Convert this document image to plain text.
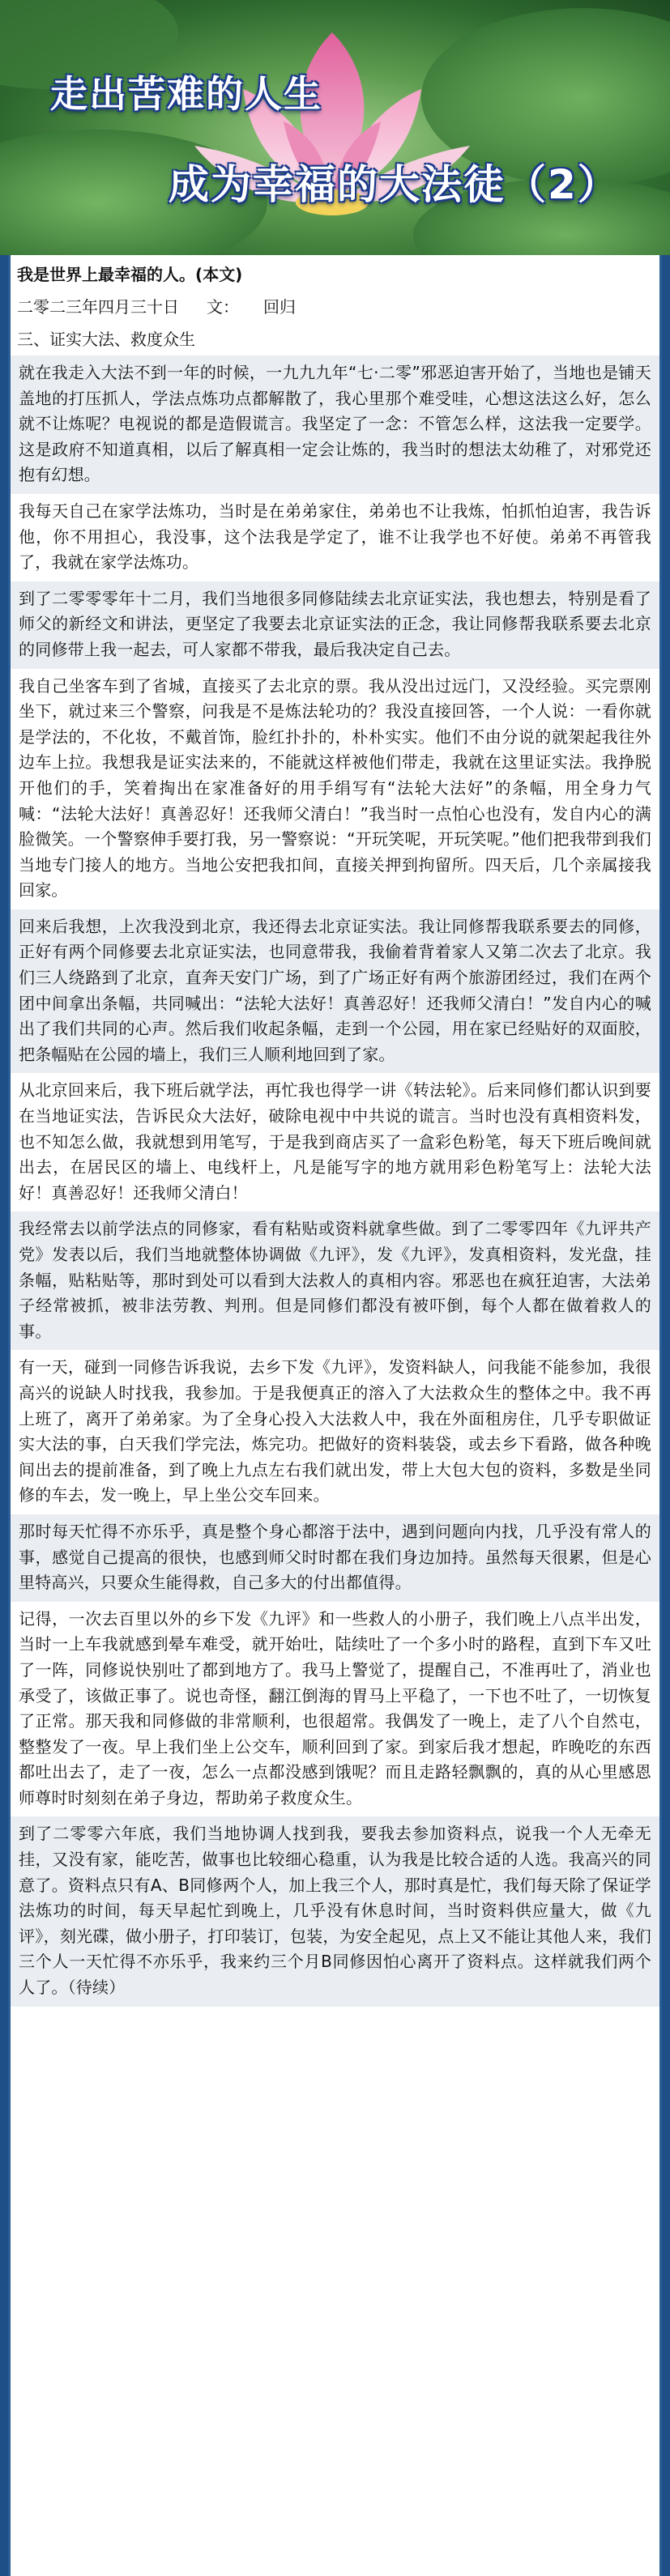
走出苦难的人生
成为幸福的大法徒（2）
我是世界上最幸福的人。(本文)
二零二三年四月三十日 文： 回归
三、证实大法、救度众生

就在我走入大法不到一年的时候，一九九九年“七·二零”邪恶迫害开始了，当地也是铺天盖地的打压抓人，学法点炼功点都解散了，我心里那个难受哇，心想这法这么好，怎么就不让炼呢？电视说的都是造假谎言。我坚定了一念：不管怎么样，这法我一定要学。这是政府不知道真相，以后了解真相一定会让炼的，我当时的想法太幼稚了，对邪党还抱有幻想。

我每天自己在家学法炼功，当时是在弟弟家住，弟弟也不让我炼，怕抓怕迫害，我告诉他，你不用担心，我没事，这个法我是学定了，谁不让我学也不好使。弟弟不再管我了，我就在家学法炼功。

到了二零零零年十二月，我们当地很多同修陆续去北京证实法，我也想去，特别是看了师父的新经文和讲法，更坚定了我要去北京证实法的正念，我让同修帮我联系要去北京的同修带上我一起去，可人家都不带我，最后我决定自己去。

我自己坐客车到了省城，直接买了去北京的票。我从没出过远门，又没经验。买完票刚坐下，就过来三个警察，问我是不是炼法轮功的？我没直接回答，一个人说：一看你就是学法的，不化妆，不戴首饰，脸红扑扑的，朴朴实实。他们不由分说的就架起我往外边车上拉。我想我是证实法来的，不能就这样被他们带走，我就在这里证实法。我挣脱开他们的手，笑着掏出在家准备好的用手绢写有“法轮大法好”的条幅，用全身力气喊：“法轮大法好！真善忍好！还我师父清白！”我当时一点怕心也没有，发自内心的满脸微笑。一个警察伸手要打我，另一警察说：“开玩笑呢，开玩笑呢。”他们把我带到我们当地专门接人的地方。当地公安把我扣间，直接关押到拘留所。四天后，几个亲属接我回家。

回来后我想，上次我没到北京，我还得去北京证实法。我让同修帮我联系要去的同修，正好有两个同修要去北京证实法，也同意带我，我偷着背着家人又第二次去了北京。我们三人绕路到了北京，直奔天安门广场，到了广场正好有两个旅游团经过，我们在两个团中间拿出条幅，共同喊出：“法轮大法好！真善忍好！还我师父清白！”发自内心的喊出了我们共同的心声。然后我们收起条幅，走到一个公园，用在家已经贴好的双面胶，把条幅贴在公园的墙上，我们三人顺利地回到了家。

从北京回来后，我下班后就学法，再忙我也得学一讲《转法轮》。后来同修们都认识到要在当地证实法，告诉民众大法好，破除电视中中共说的谎言。当时也没有真相资料发，也不知怎么做，我就想到用笔写，于是我到商店买了一盒彩色粉笔，每天下班后晚间就出去，在居民区的墙上、电线杆上，凡是能写字的地方就用彩色粉笔写上：法轮大法好！真善忍好！还我师父清白！

我经常去以前学法点的同修家，看有粘贴或资料就拿些做。到了二零零四年《九评共产党》发表以后，我们当地就整体协调做《九评》，发《九评》，发真相资料，发光盘，挂条幅，贴粘贴等，那时到处可以看到大法救人的真相内容。邪恶也在疯狂迫害，大法弟子经常被抓，被非法劳教、判刑。但是同修们都没有被吓倒，每个人都在做着救人的事。

有一天，碰到一同修告诉我说，去乡下发《九评》，发资料缺人，问我能不能参加，我很高兴的说缺人时找我，我参加。于是我便真正的溶入了大法救众生的整体之中。我不再上班了，离开了弟弟家。为了全身心投入大法救人中，我在外面租房住，几乎专职做证实大法的事，白天我们学完法，炼完功。把做好的资料装袋，或去乡下看路，做各种晚间出去的提前准备，到了晚上九点左右我们就出发，带上大包大包的资料，多数是坐同修的车去，发一晚上，早上坐公交车回来。

那时每天忙得不亦乐乎，真是整个身心都溶于法中，遇到问题向内找，几乎没有常人的事，感觉自己提高的很快，也感到师父时时都在我们身边加持。虽然每天很累，但是心里特高兴，只要众生能得救，自己多大的付出都值得。

记得，一次去百里以外的乡下发《九评》和一些救人的小册子，我们晚上八点半出发，当时一上车我就感到晕车难受，就开始吐，陆续吐了一个多小时的路程，直到下车又吐了一阵，同修说快别吐了都到地方了。我马上警觉了，提醒自己，不准再吐了，消业也承受了，该做正事了。说也奇怪，翻江倒海的胃马上平稳了，一下也不吐了，一切恢复了正常。那天我和同修做的非常顺利，也很超常。我偶发了一晚上，走了八个自然屯，整整发了一夜。早上我们坐上公交车，顺利回到了家。到家后我才想起，昨晚吃的东西都吐出去了，走了一夜，怎么一点都没感到饿呢？而且走路轻飘飘的，真的从心里感恩师尊时时刻刻在弟子身边，帮助弟子救度众生。

到了二零零六年底，我们当地协调人找到我，要我去参加资料点，说我一个人无牵无挂，又没有家，能吃苦，做事也比较细心稳重，认为我是比较合适的人选。我高兴的同意了。资料点只有A、B同修两个人，加上我三个人，那时真是忙，我们每天除了保证学法炼功的时间，每天早起忙到晚上，几乎没有休息时间，当时资料供应量大，做《九评》，刻光碟，做小册子，打印装订，包装，为安全起见，点上又不能让其他人来，我们三个人一天忙得不亦乐乎，我来约三个月B同修因怕心离开了资料点。这样就我们两个人了。（待续）
